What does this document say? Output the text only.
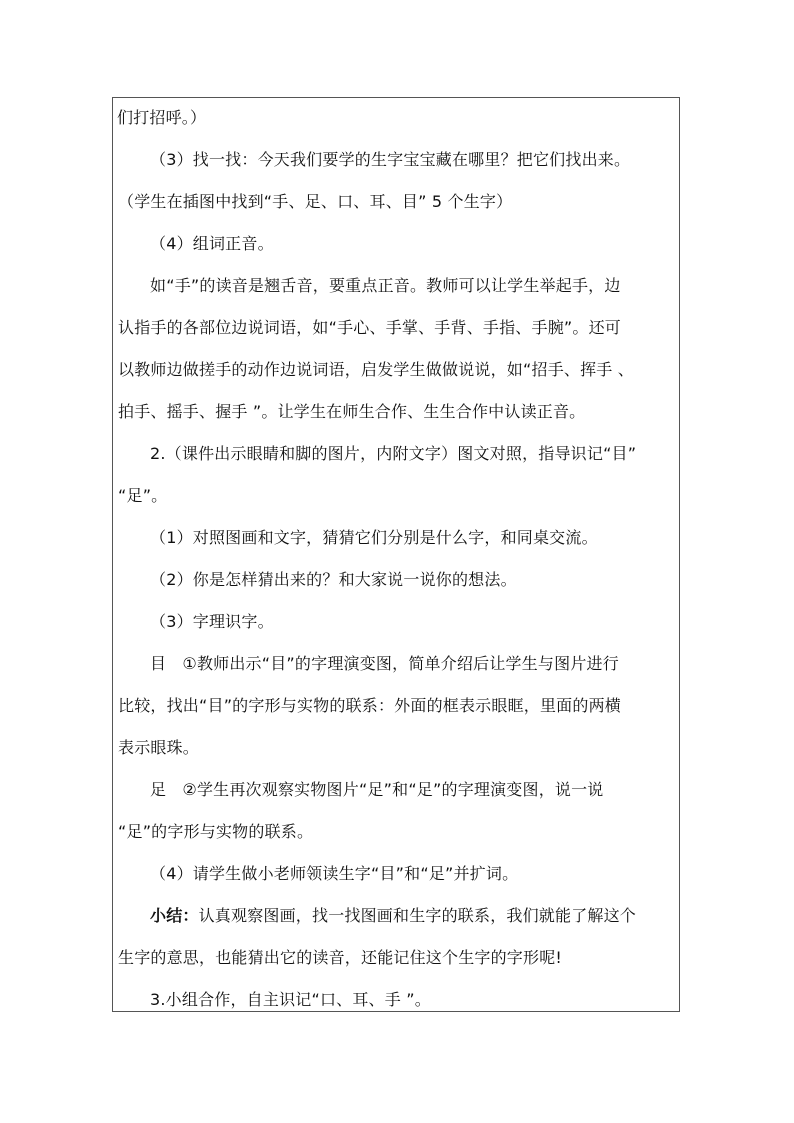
们打招呼。）
（3）找一找：今天我们要学的生字宝宝藏在哪里？把它们找出来。
（学生在插图中找到“手、足、口、耳、目” 5 个生字）
（4）组词正音。
如“手”的读音是翘舌音，要重点正音。教师可以让学生举起手，边
认指手的各部位边说词语，如“手心、手掌、手背、手指、手腕”。还可
以教师边做搓手的动作边说词语，启发学生做做说说，如“招手、挥手 、
拍手、摇手、握手 ”。让学生在师生合作、生生合作中认读正音。
2.（课件出示眼睛和脚的图片，内附文字）图文对照，指导识记“目”
“足”。
（1）对照图画和文字，猜猜它们分别是什么字，和同桌交流。
（2）你是怎样猜出来的？和大家说一说你的想法。
（3）字理识字。
目　①教师出示“目”的字理演变图，简单介绍后让学生与图片进行
比较，找出“目”的字形与实物的联系：外面的框表示眼眶，里面的两横
表示眼珠。
足　②学生再次观察实物图片“足”和“足”的字理演变图，说一说
“足”的字形与实物的联系。
（4）请学生做小老师领读生字“目”和“足”并扩词。
小结：认真观察图画，找一找图画和生字的联系，我们就能了解这个
生字的意思，也能猜出它的读音，还能记住这个生字的字形呢!
3.小组合作，自主识记“口、耳、手 ”。
